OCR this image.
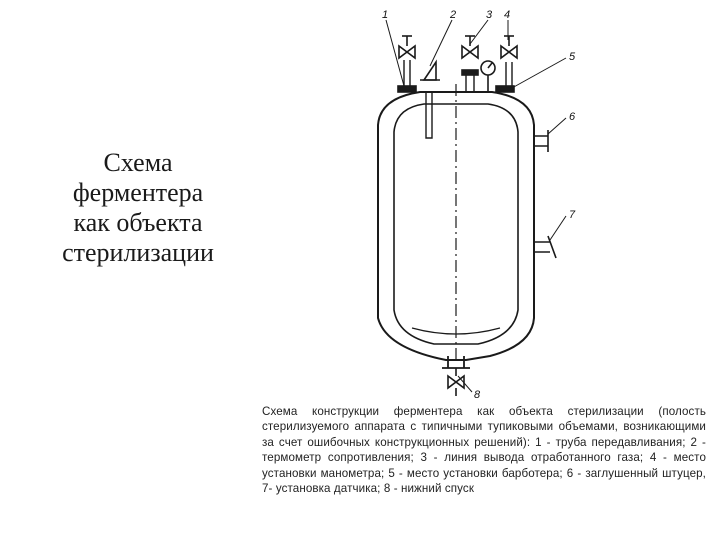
Схема
ферментера
как объекта
стерилизации
1	2	3 4
5
6
7
8
Схема конструкции ферментера как объекта стерилизации (полость стерилизуемого аппарата с типичными тупиковыми объемами, возникающими за счет ошибочных конструкционных решений): 1 - труба передавливания; 2 - термометр сопротивления; 3 - линия вывода отработанного газа; 4 - место установки манометра; 5 - место установки барботера; 6 - заглушенный штуцер, 7- установка датчика; 8 - нижний спуск
